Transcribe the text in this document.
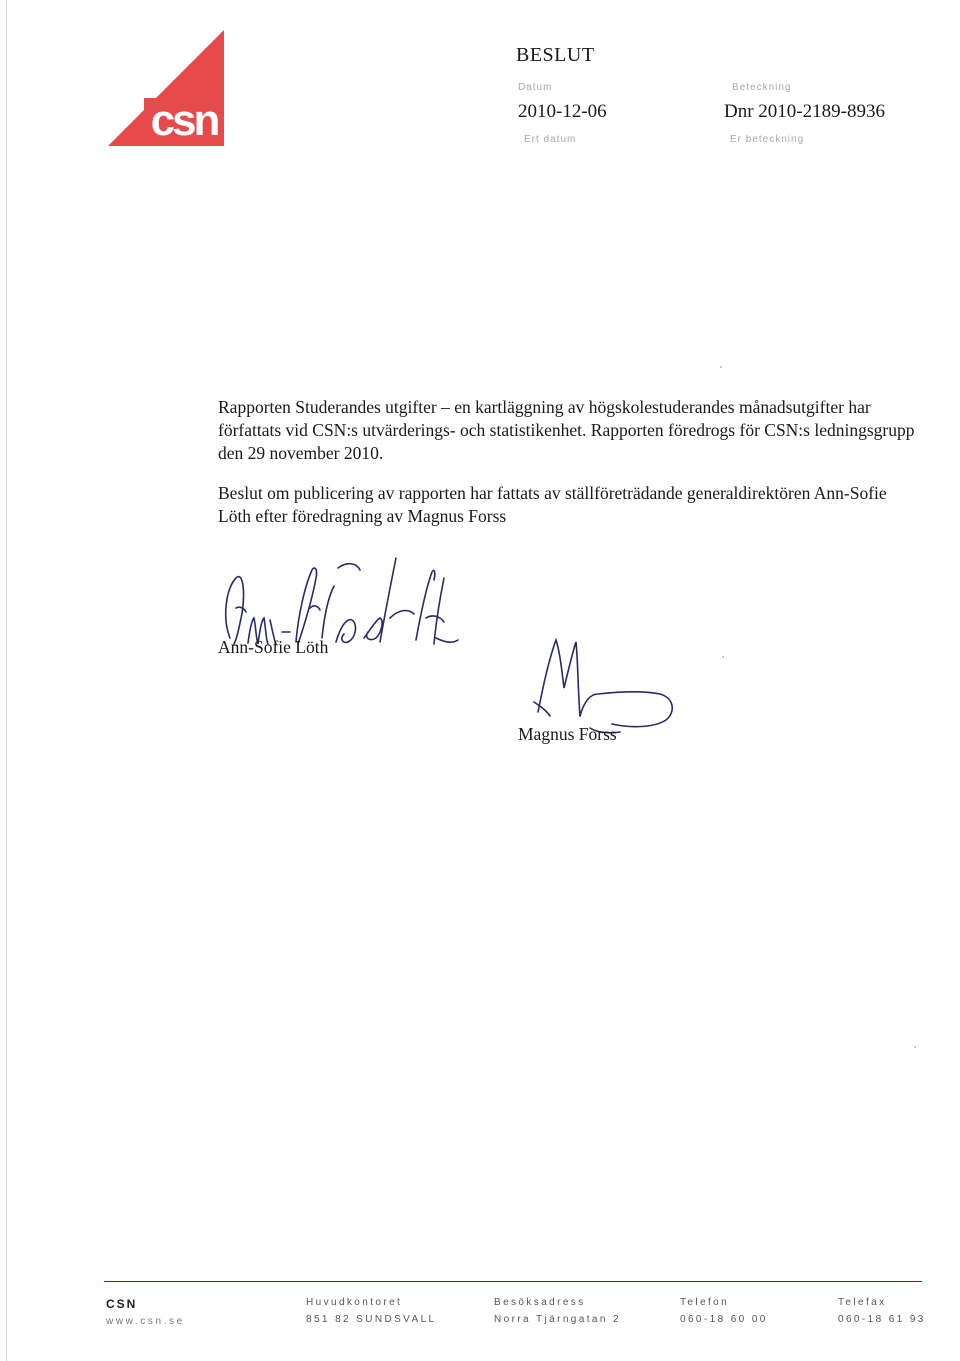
csn
BESLUT
Datum
2010-12-06
Ert datum
Beteckning
Dnr 2010-2189-8936
Er beteckning
Rapporten Studerandes utgifter – en kartläggning av högskolestuderandes månadsutgifter har författats vid CSN:s utvärderings- och statistikenhet. Rapporten föredrogs för CSN:s ledningsgrupp den 29 november 2010.
Beslut om publicering av rapporten har fattats av ställföreträdande generaldirektören Ann-Sofie Löth efter föredragning av Magnus Forss
Ann-Sofie Löth
Magnus Forss
CSN
www.csn.se
Huvudkontoret
851 82 SUNDSVALL
Besöksadress
Norra Tjärngatan 2
Telefon
060-18 60 00
Telefax
060-18 61 93
